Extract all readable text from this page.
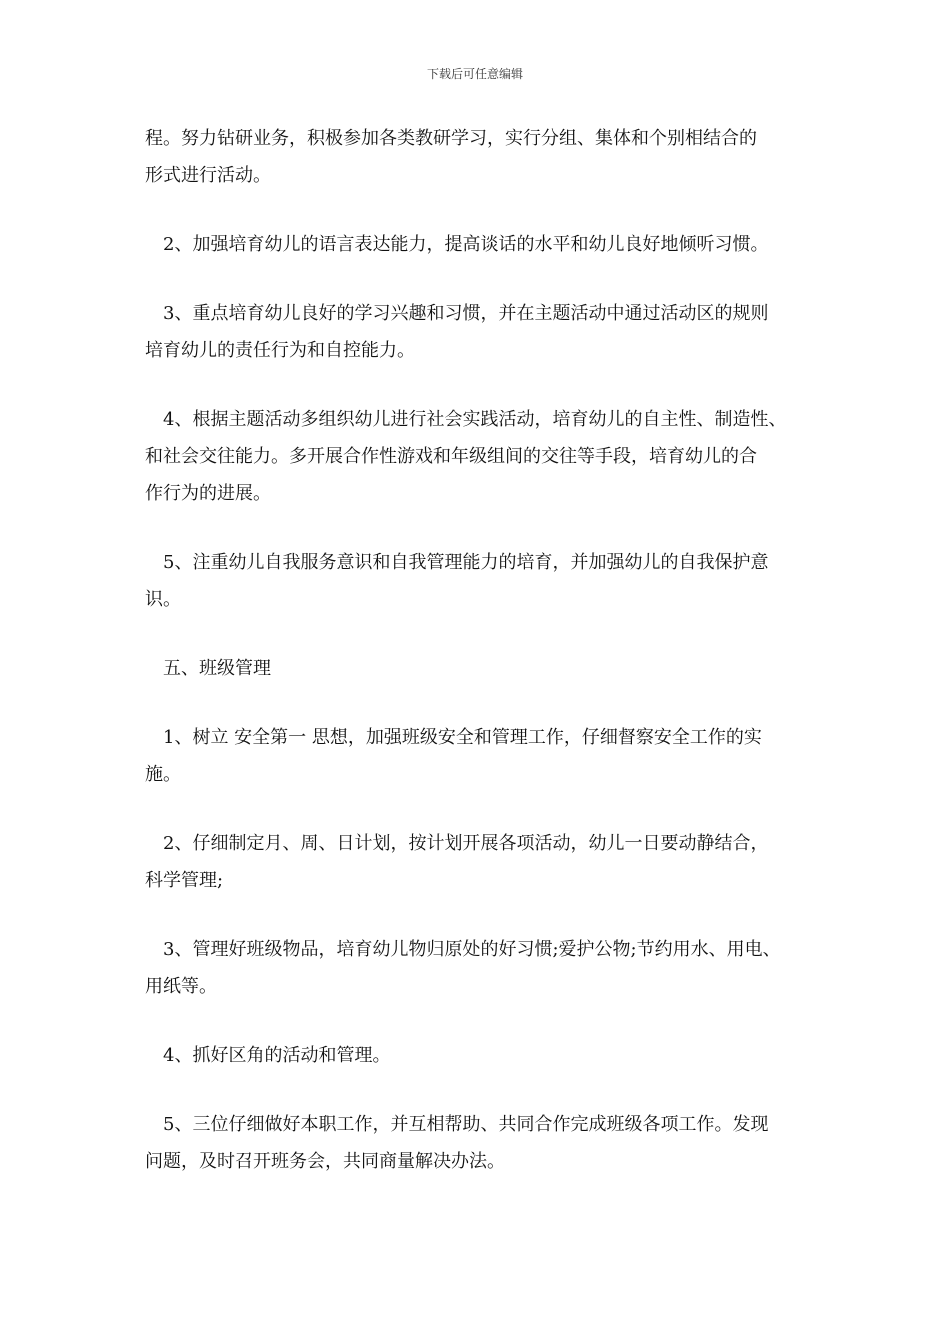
下载后可任意编辑

程。努力钻研业务，积极参加各类教研学习，实行分组、集体和个别相结合的
形式进行活动。

2、加强培育幼儿的语言表达能力，提高谈话的水平和幼儿良好地倾听习惯。

3、重点培育幼儿良好的学习兴趣和习惯，并在主题活动中通过活动区的规则
培育幼儿的责任行为和自控能力。

4、根据主题活动多组织幼儿进行社会实践活动，培育幼儿的自主性、制造性、
和社会交往能力。多开展合作性游戏和年级组间的交往等手段，培育幼儿的合
作行为的进展。

5、注重幼儿自我服务意识和自我管理能力的培育，并加强幼儿的自我保护意
识。

五、班级管理

1、树立 安全第一 思想，加强班级安全和管理工作，仔细督察安全工作的实
施。

2、仔细制定月、周、日计划，按计划开展各项活动，幼儿一日要动静结合，
科学管理;

3、管理好班级物品，培育幼儿物归原处的好习惯;爱护公物;节约用水、用电、
用纸等。

4、抓好区角的活动和管理。

5、三位仔细做好本职工作，并互相帮助、共同合作完成班级各项工作。发现
问题，及时召开班务会，共同商量解决办法。
